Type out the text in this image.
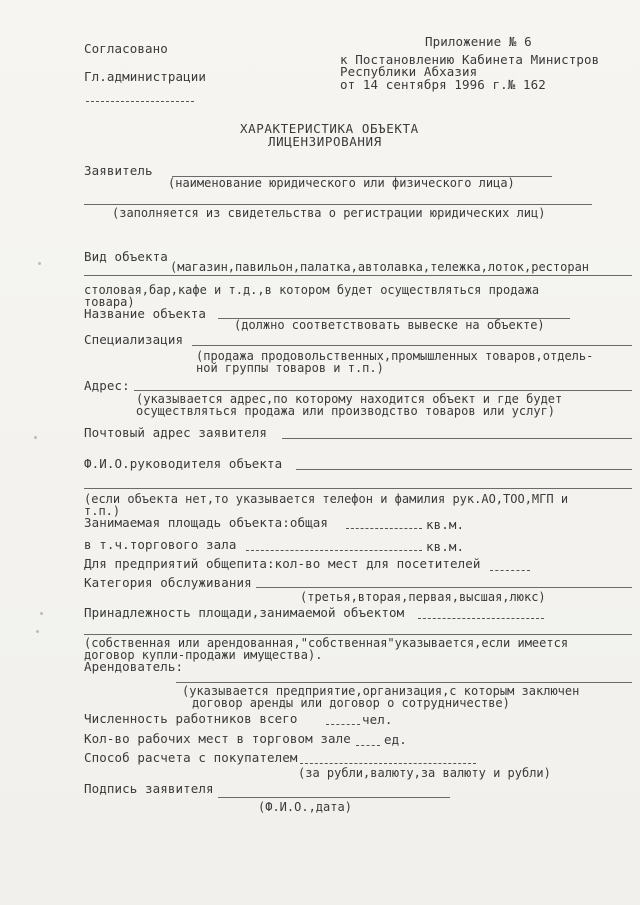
Согласовано
Гл.администрации
Приложение № 6
к Постановлению Кабинета Министров
Республики Абхазия
от 14 сентября 1996 г.№ 162
ХАРАКТЕРИСТИКА ОБЪЕКТА
ЛИЦЕНЗИРОВАНИЯ
Заявитель
(наименование юридического или физического лица)
(заполняется из свидетельства о регистрации юридических лиц)
Вид объекта
(магазин,павильон,палатка,автолавка,тележка,лоток,ресторан
столовая,бар,кафе и т.д.,в котором будет осуществляться продажа
товара)
Название объекта
(должно соответствовать вывеске на объекте)
Специализация
(продажа продовольственных,промышленных товаров,отдель-
ной группы товаров и т.п.)
Адрес:
(указывается адрес,по которому находится объект и где будет
осуществляться продажа или производство товаров или услуг)
Почтовый адрес заявителя
Ф.И.О.руководителя объекта
(если объекта нет,то указывается телефон и фамилия рук.АО,ТОО,МГП и
т.п.)
Занимаемая площадь объекта:общая	кв.м.
в т.ч.торгового зала	кв.м.
Для предприятий общепита:кол-во мест для посетителей
Категория обслуживания
(третья,вторая,первая,высшая,люкс)
Принадлежность площади,занимаемой объектом
(собственная или арендованная,"собственная"указывается,если имеется
договор купли-продажи имущества).
Арендователь:
(указывается предприятие,организация,с которым заключен
договор аренды или договор о сотрудничестве)
Численность работников всего	чел.
Кол-во рабочих мест в торговом зале	ед.
Способ расчета с покупателем
(за рубли,валюту,за валюту и рубли)
Подпись заявителя
(Ф.И.О.,дата)
